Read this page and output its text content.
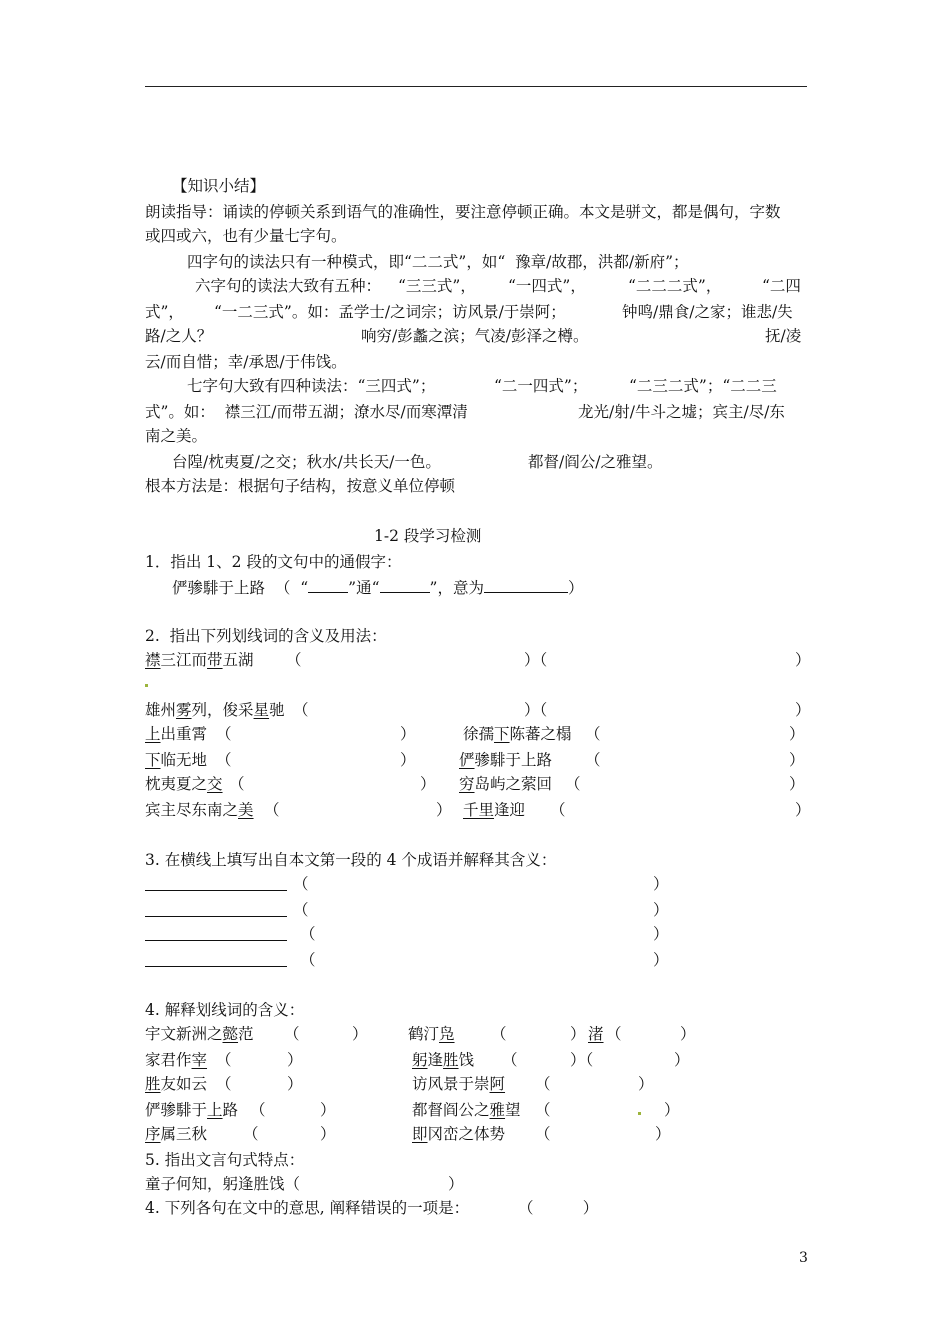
【知识小结】
朗读指导：诵读的停顿关系到语气的准确性，要注意停顿正确。本文是骈文，都是偶句，字数
或四或六，也有少量七字句。
四字句的读法只有一种模式，即“二二式”，如“  豫章/故郡，洪都/新府”；
六字句的读法大致有五种： “三三式”， “一四式”，	“二二二式”，	“二四
式”， “一二三式”。如：孟学士/之词宗；访风景/于崇阿；	钟鸣/鼎食/之家；谁悲/失
路/之人？	响穷/彭蠡之滨；气凌/彭泽之樽。	抚/凌
云/而自惜；幸/承恩/于伟饯。
七字句大致有四种读法：“三四式”；	“二一四式”；	“二三二式”；“二二三
式”。如：  襟三江/而带五湖；潦水尽/而寒潭清	龙光/射/牛斗之墟；宾主/尽/东
南之美。
台隍/枕夷夏/之交；秋水/共长天/一色。	都督/阎公/之雅望。
根本方法是：根据句子结构，按意义单位停顿
1-2 段学习检测
1．指出 1、2 段的文句中的通假字：
俨骖騑于上路 （  “	”通“	”，意为	）
2.  指出下列划线词的含义及用法：
襟三江而带五湖 （	）（	）
雄州雾列，俊采星驰 （	）（	）
上出重霄 （	）	徐孺下陈蕃之榻 （	）
下临无地 （	）	俨骖騑于上路 （	）
枕夷夏之交 （	） 穷岛屿之萦回 （	）
宾主尽东南之美 （	） 千里逢迎 （	）
3. 在横线上填写出自本文第一段的 4 个成语并解释其含义：
（	）
（	）
（	）
（	）
4. 解释划线词的含义：
宇文新洲之懿范 （	）	鹤汀凫 （	） 渚 （	）
家君作宰 （	）	躬逢胜饯 （	）（	）
胜友如云 （	）	访风景于崇阿 （	）
俨骖騑于上路 （	）	都督阎公之雅望 （	）
序属三秋 （	）	即冈峦之体势 （	）
5. 指出文言句式特点：
童子何知，躬逢胜饯（	）
4. 下列各句在文中的意思, 阐释错误的一项是：	（          ）
3
